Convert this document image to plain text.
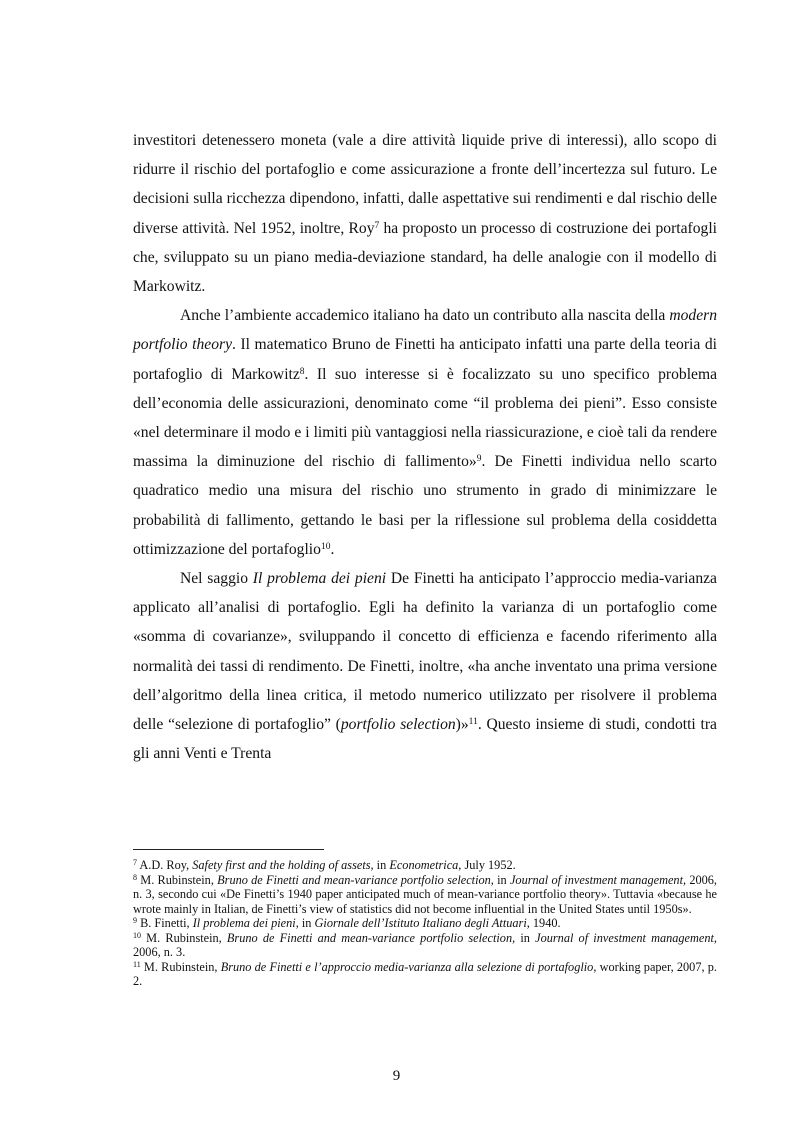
investitori detenessero moneta (vale a dire attività liquide prive di interessi), allo scopo di ridurre il rischio del portafoglio e come assicurazione a fronte dell’incertezza sul futuro. Le decisioni sulla ricchezza dipendono, infatti, dalle aspettative sui rendimenti e dal rischio delle diverse attività. Nel 1952, inoltre, Roy$^7$ ha proposto un processo di costruzione dei portafogli che, sviluppato su un piano media-deviazione standard, ha delle analogie con il modello di Markowitz.

Anche l’ambiente accademico italiano ha dato un contributo alla nascita della modern portfolio theory. Il matematico Bruno de Finetti ha anticipato infatti una parte della teoria di portafoglio di Markowitz$^8$. Il suo interesse si è focalizzato su uno specifico problema dell’economia delle assicurazioni, denominato come “il problema dei pieni”. Esso consiste «nel determinare il modo e i limiti più vantaggiosi nella riassicurazione, e cioè tali da rendere massima la diminuzione del rischio di fallimento»$^9$. De Finetti individua nello scarto quadratico medio una misura del rischio uno strumento in grado di minimizzare le probabilità di fallimento, gettando le basi per la riflessione sul problema della cosiddetta ottimizzazione del portafoglio$^{10}$.

Nel saggio Il problema dei pieni De Finetti ha anticipato l’approccio media-varianza applicato all’analisi di portafoglio. Egli ha definito la varianza di un portafoglio come «somma di covarianze», sviluppando il concetto di efficienza e facendo riferimento alla normalità dei tassi di rendimento. De Finetti, inoltre, «ha anche inventato una prima versione dell’algoritmo della linea critica, il metodo numerico utilizzato per risolvere il problema delle “selezione di portafoglio” (portfolio selection)»$^{11}$. Questo insieme di studi, condotti tra gli anni Venti e Trenta

$^7$ A.D. Roy, Safety first and the holding of assets, in Econometrica, July 1952.

$^8$ M. Rubinstein, Bruno de Finetti and mean-variance portfolio selection, in Journal of investment management, 2006, n. 3, secondo cui «De Finetti’s 1940 paper anticipated much of mean-variance portfolio theory». Tuttavia «because he wrote mainly in Italian, de Finetti’s view of statistics did not become influential in the United States until 1950s».

$^9$ B. Finetti, Il problema dei pieni, in Giornale dell’Istituto Italiano degli Attuari, 1940.

$^{10}$ M. Rubinstein, Bruno de Finetti and mean-variance portfolio selection, in Journal of investment management, 2006, n. 3.

$^{11}$ M. Rubinstein, Bruno de Finetti e l’approccio media-varianza alla selezione di portafoglio, working paper, 2007, p. 2.

9
